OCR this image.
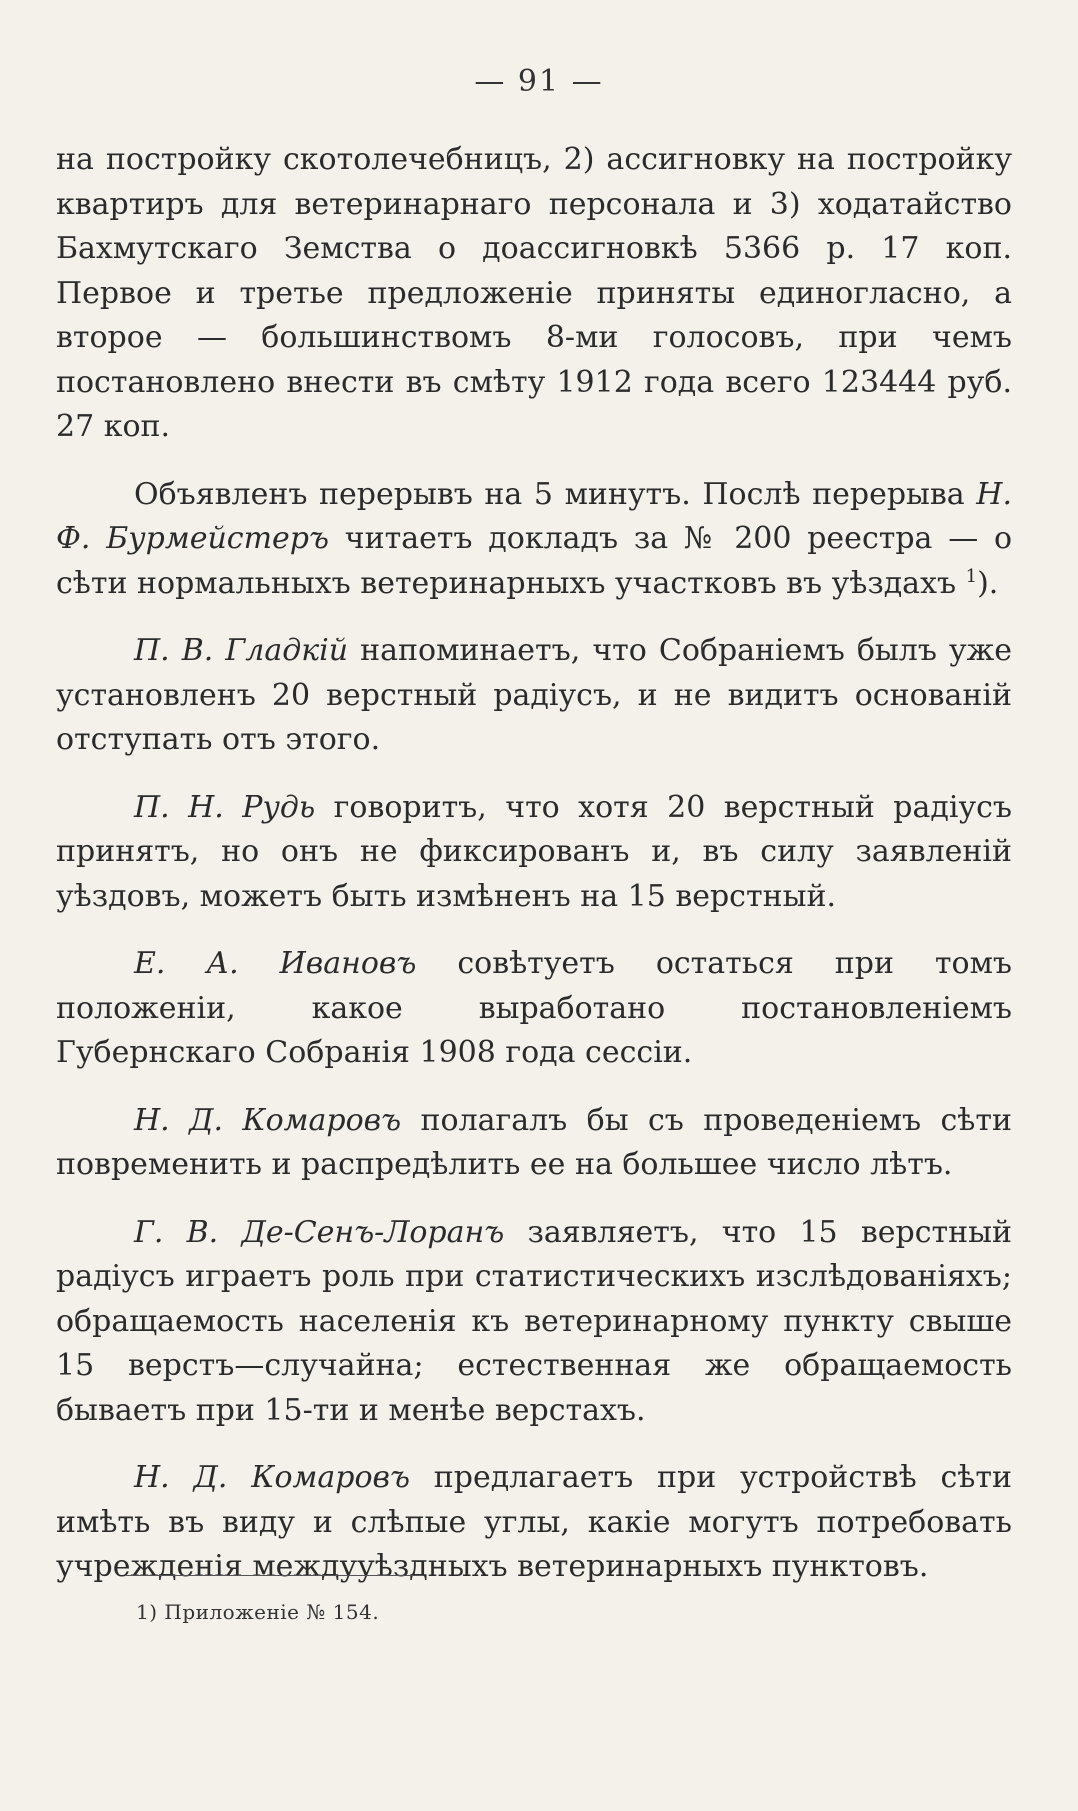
— 91 —

на постройку скотолечебницъ, 2) ассигновку на постройку квартиръ для ветеринарнаго персонала и 3) ходатайство Бахмутскаго Земства о доассигновкѣ 5366 р. 17 коп. Первое и третье предложеніе приняты единогласно, а второе — большинствомъ 8-ми голосовъ, при чемъ постановлено внести въ смѣту 1912 года всего 123444 руб. 27 коп.

Объявленъ перерывъ на 5 минутъ. Послѣ перерыва Н. Ф. Бурмейстеръ читаетъ докладъ за № 200 реестра — о сѣти нормальныхъ ветеринарныхъ участковъ въ уѣздахъ $^1$).

П. В. Гладкій напоминаетъ, что Собраніемъ былъ уже установленъ 20 верстный радіусъ, и не видитъ основаній отступать отъ этого.

П. Н. Рудь говоритъ, что хотя 20 верстный радіусъ принятъ, но онъ не фиксированъ и, въ силу заявленій уѣздовъ, можетъ быть измѣненъ на 15 верстный.

Е. А. Ивановъ совѣтуетъ остаться при томъ положеніи, какое выработано постановленіемъ Губернскаго Собранія 1908 года сессіи.

Н. Д. Комаровъ полагалъ бы съ проведеніемъ сѣти повременить и распредѣлить ее на большее число лѣтъ.

Г. В. Де-Сенъ-Лоранъ заявляетъ, что 15 верстный радіусъ играетъ роль при статистическихъ изслѣдованіяхъ; обращаемость населенія къ ветеринарному пункту свыше 15 верстъ—случайна; естественная же обращаемость бываетъ при 15-ти и менѣе верстахъ.

Н. Д. Комаровъ предлагаетъ при устройствѣ сѣти имѣть въ виду и слѣпые углы, какіе могутъ потребовать учрежденія междууѣздныхъ ветеринарныхъ пунктовъ.

1) Приложеніе № 154.
